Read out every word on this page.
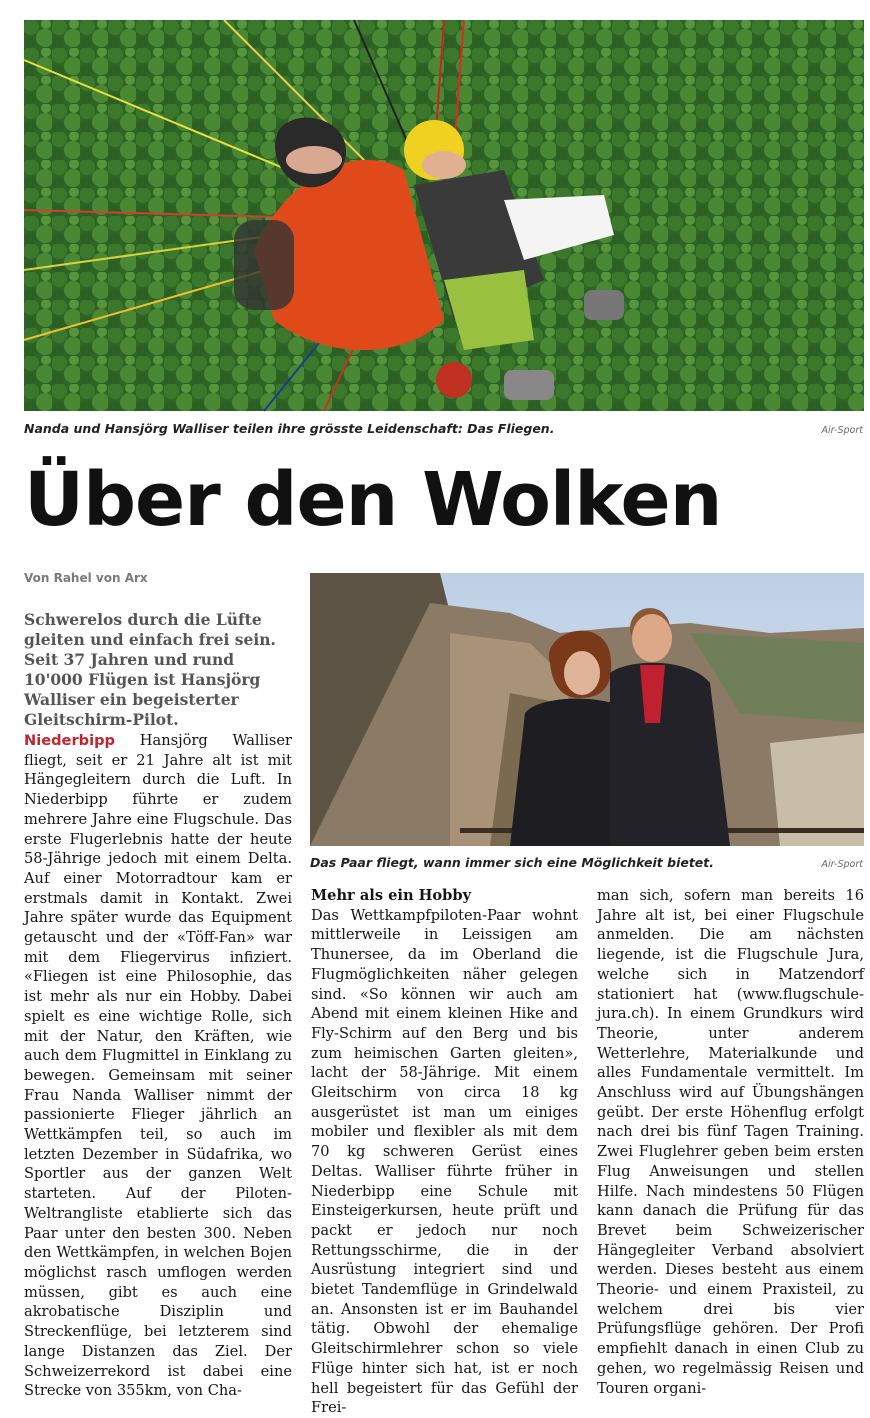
Nanda und Hansjörg Walliser teilen ihre grösste Leidenschaft: Das Fliegen.	Air-Sport
Über den Wolken
Von Rahel von Arx
Schwerelos durch die Lüfte gleiten und einfach frei sein. Seit 37 Jahren und rund 10'000 Flügen ist Hansjörg Walliser ein begeisterter Gleitschirm-Pilot.
Das Paar fliegt, wann immer sich eine Möglichkeit bietet.	Air-Sport

Niederbipp Hansjörg Walliser fliegt, seit er 21 Jahre alt ist mit Hängegleitern durch die Luft. In Niederbipp führte er zudem mehrere Jahre eine Flugschule. Das erste Flugerlebnis hatte der heute 58-Jährige jedoch mit einem Delta. Auf einer Motorradtour kam er erstmals damit in Kontakt. Zwei Jahre später wurde das Equipment getauscht und der «Töff-Fan» war mit dem Fliegervirus infiziert. «Fliegen ist eine Philosophie, das ist mehr als nur ein Hobby. Dabei spielt es eine wichtige Rolle, sich mit der Natur, den Kräften, wie auch dem Flugmittel in Einklang zu bewegen. Gemeinsam mit seiner Frau Nanda Walliser nimmt der passionierte Flieger jährlich an Wettkämpfen teil, so auch im letzten Dezember in Südafrika, wo Sportler aus der ganzen Welt starteten. Auf der Piloten-Weltrangliste etablierte sich das Paar unter den besten 300. Neben den Wettkämpfen, in welchen Bojen möglichst rasch umflogen werden müssen, gibt es auch eine akrobatische Disziplin und Streckenflüge, bei letzterem sind lange Distanzen das Ziel. Der Schweizerrekord ist dabei eine Strecke von 355km, von Cha-

Mehr als ein Hobby

Das Wettkampfpiloten-Paar wohnt mittlerweile in Leissigen am Thunersee, da im Oberland die Flugmöglichkeiten näher gelegen sind. «So können wir auch am Abend mit einem kleinen Hike and Fly-Schirm auf den Berg und bis zum heimischen Garten gleiten», lacht der 58-Jährige. Mit einem Gleitschirm von circa 18 kg ausgerüstet ist man um einiges mobiler und flexibler als mit dem 70 kg schweren Gerüst eines Deltas. Walliser führte früher in Niederbipp eine Schule mit Einsteigerkursen, heute prüft und packt er jedoch nur noch Rettungsschirme, die in der Ausrüstung integriert sind und bietet Tandemflüge in Grindelwald an. Ansonsten ist er im Bauhandel tätig. Obwohl der ehemalige Gleitschirmlehrer schon so viele Flüge hinter sich hat, ist er noch hell begeistert für das Gefühl der Frei-

man sich, sofern man bereits 16 Jahre alt ist, bei einer Flugschule anmelden. Die am nächsten liegende, ist die Flugschule Jura, welche sich in Matzendorf stationiert hat (www.flugschule-jura.ch). In einem Grundkurs wird Theorie, unter anderem Wetterlehre, Materialkunde und alles Fundamentale vermittelt. Im Anschluss wird auf Übungshängen geübt. Der erste Höhenflug erfolgt nach drei bis fünf Tagen Training. Zwei Fluglehrer geben beim ersten Flug Anweisungen und stellen Hilfe. Nach mindestens 50 Flügen kann danach die Prüfung für das Brevet beim Schweizerischer Hängegleiter Verband absolviert werden. Dieses besteht aus einem Theorie- und einem Praxisteil, zu welchem drei bis vier Prüfungsflüge gehören. Der Profi empfiehlt danach in einen Club zu gehen, wo regelmässig Reisen und Touren organi-
